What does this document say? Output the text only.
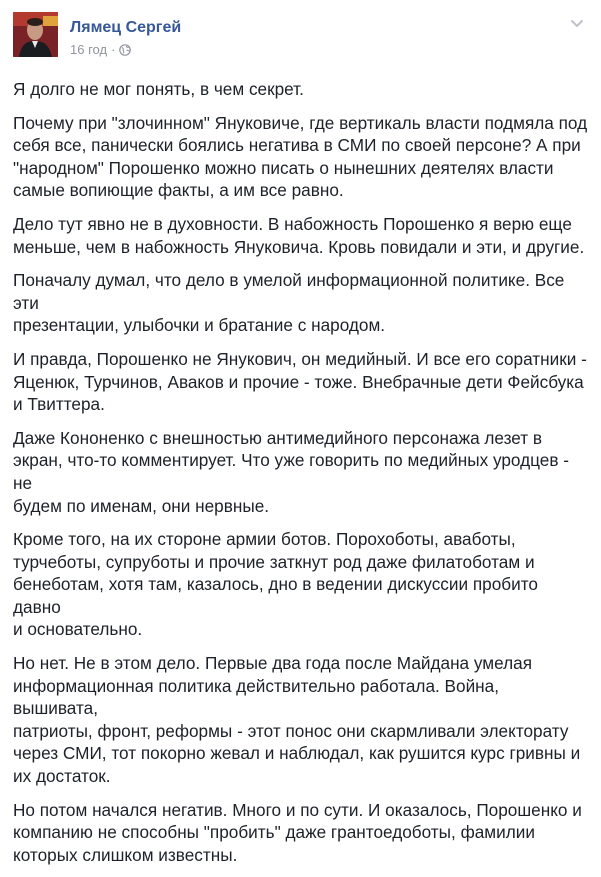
Лямец Сергей
16 год ·

Я долго не мог понять, в чем секрет.

Почему при "злочинном" Януковиче, где вертикаль власти подмяла под
себя все, панически боялись негатива в СМИ по своей персоне? А при
"народном" Порошенко можно писать о нынешних деятелях власти
самые вопиющие факты, а им все равно.

Дело тут явно не в духовности. В набожность Порошенко я верю еще
меньше, чем в набожность Януковича. Кровь повидали и эти, и другие.

Поначалу думал, что дело в умелой информационной политике. Все эти
презентации, улыбочки и братание с народом.

И правда, Порошенко не Янукович, он медийный. И все его соратники -
Яценюк, Турчинов, Аваков и прочие - тоже. Внебрачные дети Фейсбука
и Твиттера.

Даже Кононенко с внешностью антимедийного персонажа лезет в
экран, что-то комментирует. Что уже говорить по медийных уродцев - не
будем по именам, они нервные.

Кроме того, на их стороне армии ботов. Порохоботы, аваботы,
турчеботы, супруботы и прочие заткнут род даже филатоботам и
бенеботам, хотя там, казалось, дно в ведении дискуссии пробито давно
и основательно.

Но нет. Не в этом дело. Первые два года после Майдана умелая
информационная политика действительно работала. Война, вышивата,
патриоты, фронт, реформы - этот понос они скармливали электорату
через СМИ, тот покорно жевал и наблюдал, как рушится курс гривны и
их достаток.

Но потом начался негатив. Много и по сути. И оказалось, Порошенко и
компанию не способны "пробить" даже грантоедоботы, фамилии
которых слишком известны.
